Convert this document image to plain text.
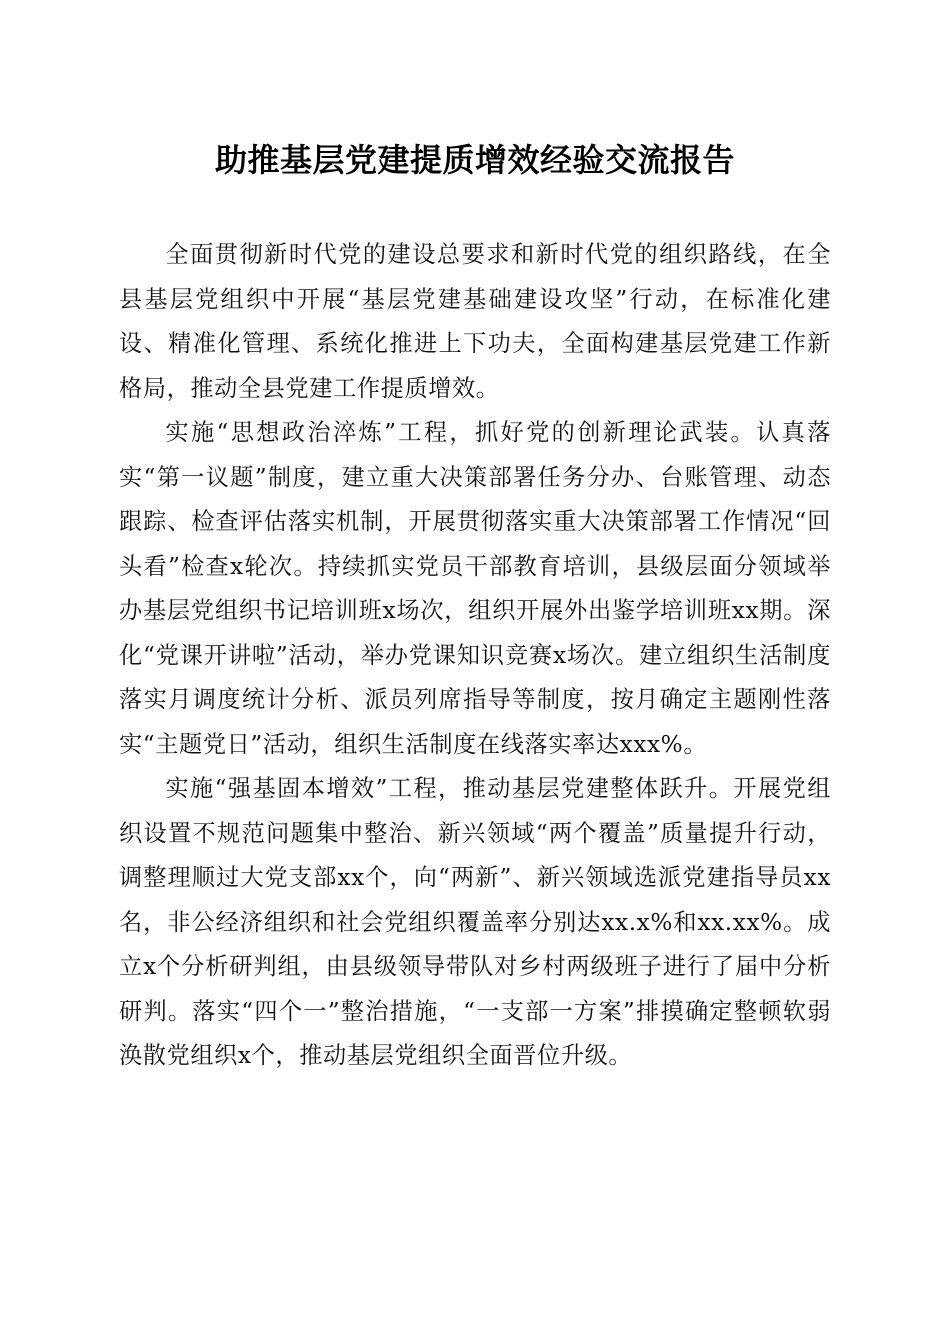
助推基层党建提质增效经验交流报告

全面贯彻新时代党的建设总要求和新时代党的组织路线，在全县基层党组织中开展“基层党建基础建设攻坚”行动，在标准化建设、精准化管理、系统化推进上下功夫，全面构建基层党建工作新格局，推动全县党建工作提质增效。

实施“思想政治淬炼”工程，抓好党的创新理论武装。认真落实“第一议题”制度，建立重大决策部署任务分办、台账管理、动态跟踪、检查评估落实机制，开展贯彻落实重大决策部署工作情况“回头看”检查x轮次。持续抓实党员干部教育培训，县级层面分领域举办基层党组织书记培训班x场次，组织开展外出鉴学培训班xx期。深化“党课开讲啦”活动，举办党课知识竞赛x场次。建立组织生活制度落实月调度统计分析、派员列席指导等制度，按月确定主题刚性落实“主题党日”活动，组织生活制度在线落实率达xxx%。

实施“强基固本增效”工程，推动基层党建整体跃升。开展党组织设置不规范问题集中整治、新兴领域“两个覆盖”质量提升行动，调整理顺过大党支部xx个，向“两新”、新兴领域选派党建指导员xx名，非公经济组织和社会党组织覆盖率分别达xx.x%和xx.xx%。成立x个分析研判组，由县级领导带队对乡村两级班子进行了届中分析研判。落实“四个一”整治措施，“一支部一方案”排摸确定整顿软弱涣散党组织x个，推动基层党组织全面晋位升级。
